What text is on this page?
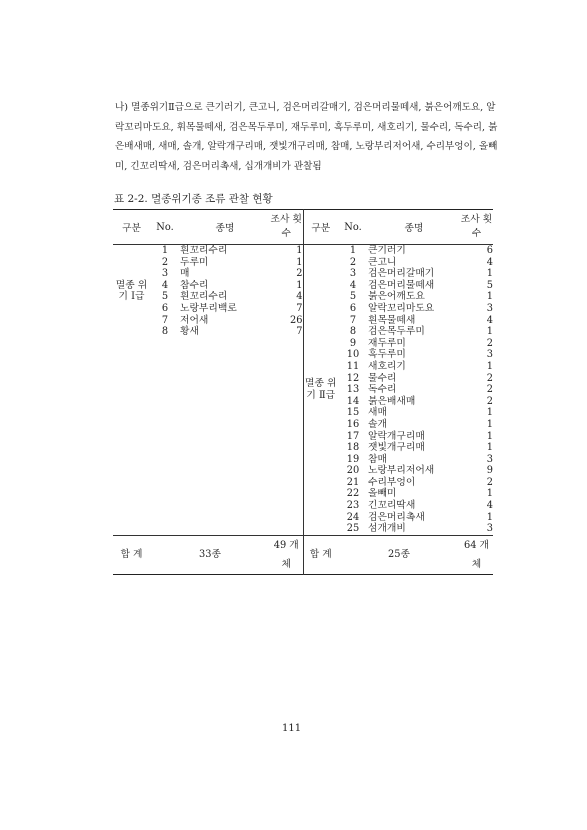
나) 멸종위기Ⅱ급으로 큰기러기, 큰고니, 검은머리갈매기, 검은머리물떼새, 붉은어깨도요, 알락꼬리마도요, 휘목물떼새, 검은목두루미, 재두루미, 흑두루미, 새호리기, 물수리, 독수리, 붉은배새매, 새매, 솔개, 알락개구리매, 잿빛개구리매, 참매, 노랑부리저어새, 수리부엉이, 올빼미, 긴꼬리딱새, 검은머리촉새, 십개개비가 관찰됨
표 2-2. 멸종위기종 조류 관찰 현황
구분	No.	종명	조사 횟수	구분	No.	종명	조사 횟수
멸종 위기 Ⅰ급	1	흰꼬리수리	1	멸종 위기 Ⅱ급	1	큰기러기	6
	2	두루미	1		2	큰고니	4
	3	매	2		3	검은머리갈매기	1
	4	참수리	1		4	검은머리물떼새	5
	5	흰꼬리수리	4		5	붉은어깨도요	1
	6	노랑부리백로	7		6	알락꼬리마도요	3
	7	저어새	26		7	흰목물떼새	4
	8	황새	7		8	검은목두루미	1
					9	재두루미	2
					10	흑두루미	3
					11	새호리기	1
					12	물수리	2
					13	독수리	2
					14	붉은배새매	2
					15	새매	1
					16	솔개	1
					17	알락개구리매	1
					18	잿빛개구리매	1
					19	참매	3
					20	노랑부리저어새	9
					21	수리부엉이	2
					22	올빼미	1
					23	긴꼬리딱새	4
					24	검은머리촉새	1
					25	섬개개비	3
합 계	33종		49 개체	합 계	25종		64 개체
111
